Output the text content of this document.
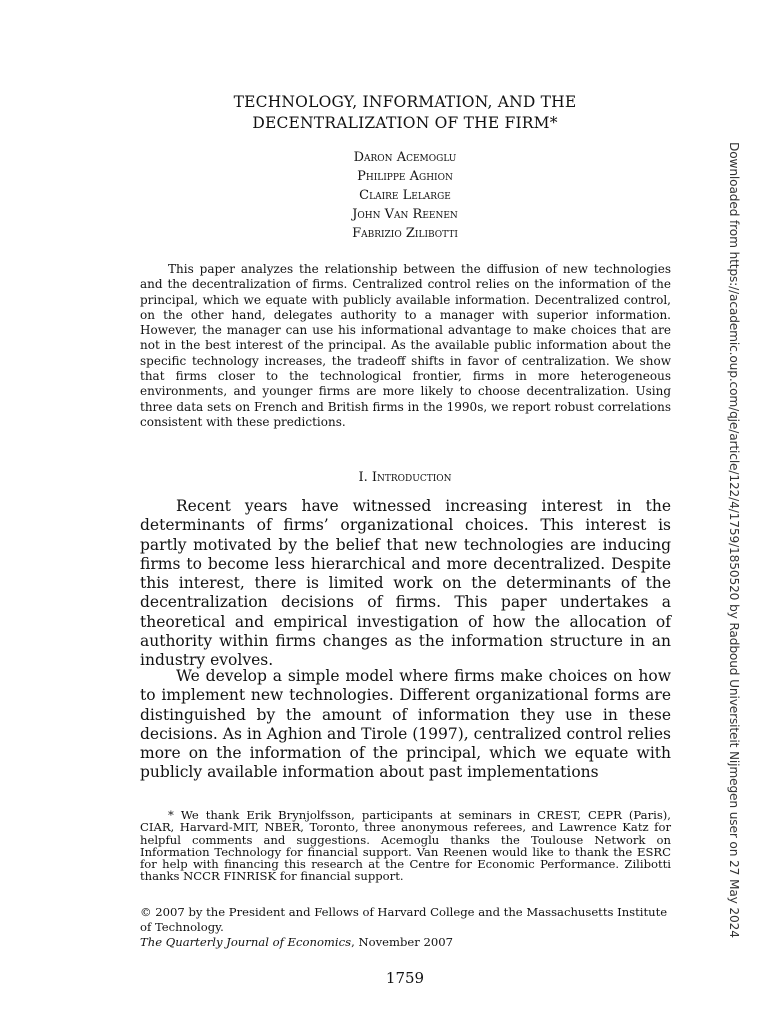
TECHNOLOGY, INFORMATION, AND THE
DECENTRALIZATION OF THE FIRM*
Daron Acemoglu
Philippe Aghion
Claire Lelarge
John Van Reenen
Fabrizio Zilibotti

This paper analyzes the relationship between the diffusion of new technologies and the decentralization of firms. Centralized control relies on the information of the principal, which we equate with publicly available information. Decentralized control, on the other hand, delegates authority to a manager with superior information. However, the manager can use his informational advantage to make choices that are not in the best interest of the principal. As the available public information about the specific technology increases, the tradeoff shifts in favor of centralization. We show that firms closer to the technological frontier, firms in more heterogeneous environments, and younger firms are more likely to choose decentralization. Using three data sets on French and British firms in the 1990s, we report robust correlations consistent with these predictions.

I. Introduction

Recent years have witnessed increasing interest in the determinants of firms’ organizational choices. This interest is partly motivated by the belief that new technologies are inducing firms to become less hierarchical and more decentralized. Despite this interest, there is limited work on the determinants of the decentralization decisions of firms. This paper undertakes a theoretical and empirical investigation of how the allocation of authority within firms changes as the information structure in an industry evolves.

We develop a simple model where firms make choices on how to implement new technologies. Different organizational forms are distinguished by the amount of information they use in these decisions. As in Aghion and Tirole (1997), centralized control relies more on the information of the principal, which we equate with publicly available information about past implementations

* We thank Erik Brynjolfsson, participants at seminars in CREST, CEPR (Paris), CIAR, Harvard-MIT, NBER, Toronto, three anonymous referees, and Lawrence Katz for helpful comments and suggestions. Acemoglu thanks the Toulouse Network on Information Technology for financial support. Van Reenen would like to thank the ESRC for help with financing this research at the Centre for Economic Performance. Zilibotti thanks NCCR FINRISK for financial support.

© 2007 by the President and Fellows of Harvard College and the Massachusetts Institute of Technology.

The Quarterly Journal of Economics, November 2007
1759
Downloaded from https://academic.oup.com/qje/article/122/4/1759/1850520 by Radboud Universiteit Nijmegen user on 27 May 2024
